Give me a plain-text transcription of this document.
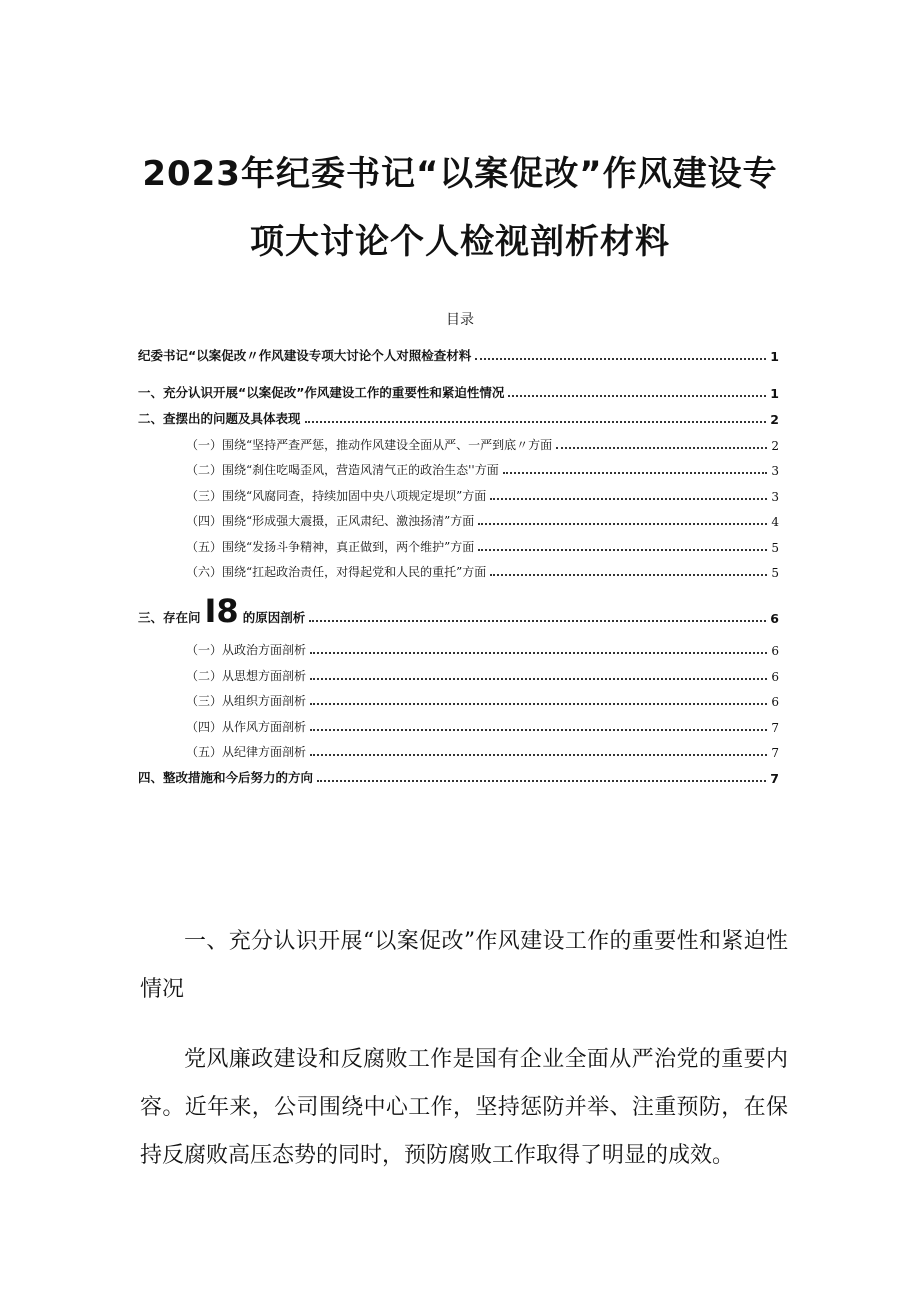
2023年纪委书记“以案促改”作风建设专
项大讨论个人检视剖析材料
目录
纪委书记“以案促改〃作风建设专项大讨论个人对照检查材料	1
一、充分认识开展“以案促改”作风建设工作的重要性和紧迫性情况	1
二、查摆出的问题及具体表现	2
（一）围绕“坚持严查严惩，推动作风建设全面从严、一严到底〃方面	2
（二）围绕“刹住吃喝歪风，营造风清气正的政治生态''方面	3
（三）围绕“风腐同查，持续加固中央八项规定堤坝”方面	3
（四）围绕“形成强大震摄，正风肃纪、激浊扬清”方面	4
（五）围绕“发扬斗争精神，真正做到，两个维护”方面	5
（六）围绕“扛起政治责任，对得起党和人民的重托”方面	5
三、存在问 I8 的原因剖析	6
（一）从政治方面剖析	6
（二）从思想方面剖析	6
（三）从组织方面剖析	6
（四）从作风方面剖析	7
（五）从纪律方面剖析	7
四、整改措施和今后努力的方向	7
一、充分认识开展“以案促改”作风建设工作的重要性和紧迫性情况
党风廉政建设和反腐败工作是国有企业全面从严治党的重要内容。近年来，公司围绕中心工作，坚持惩防并举、注重预防，在保持反腐败高压态势的同时，预防腐败工作取得了明显的成效。
